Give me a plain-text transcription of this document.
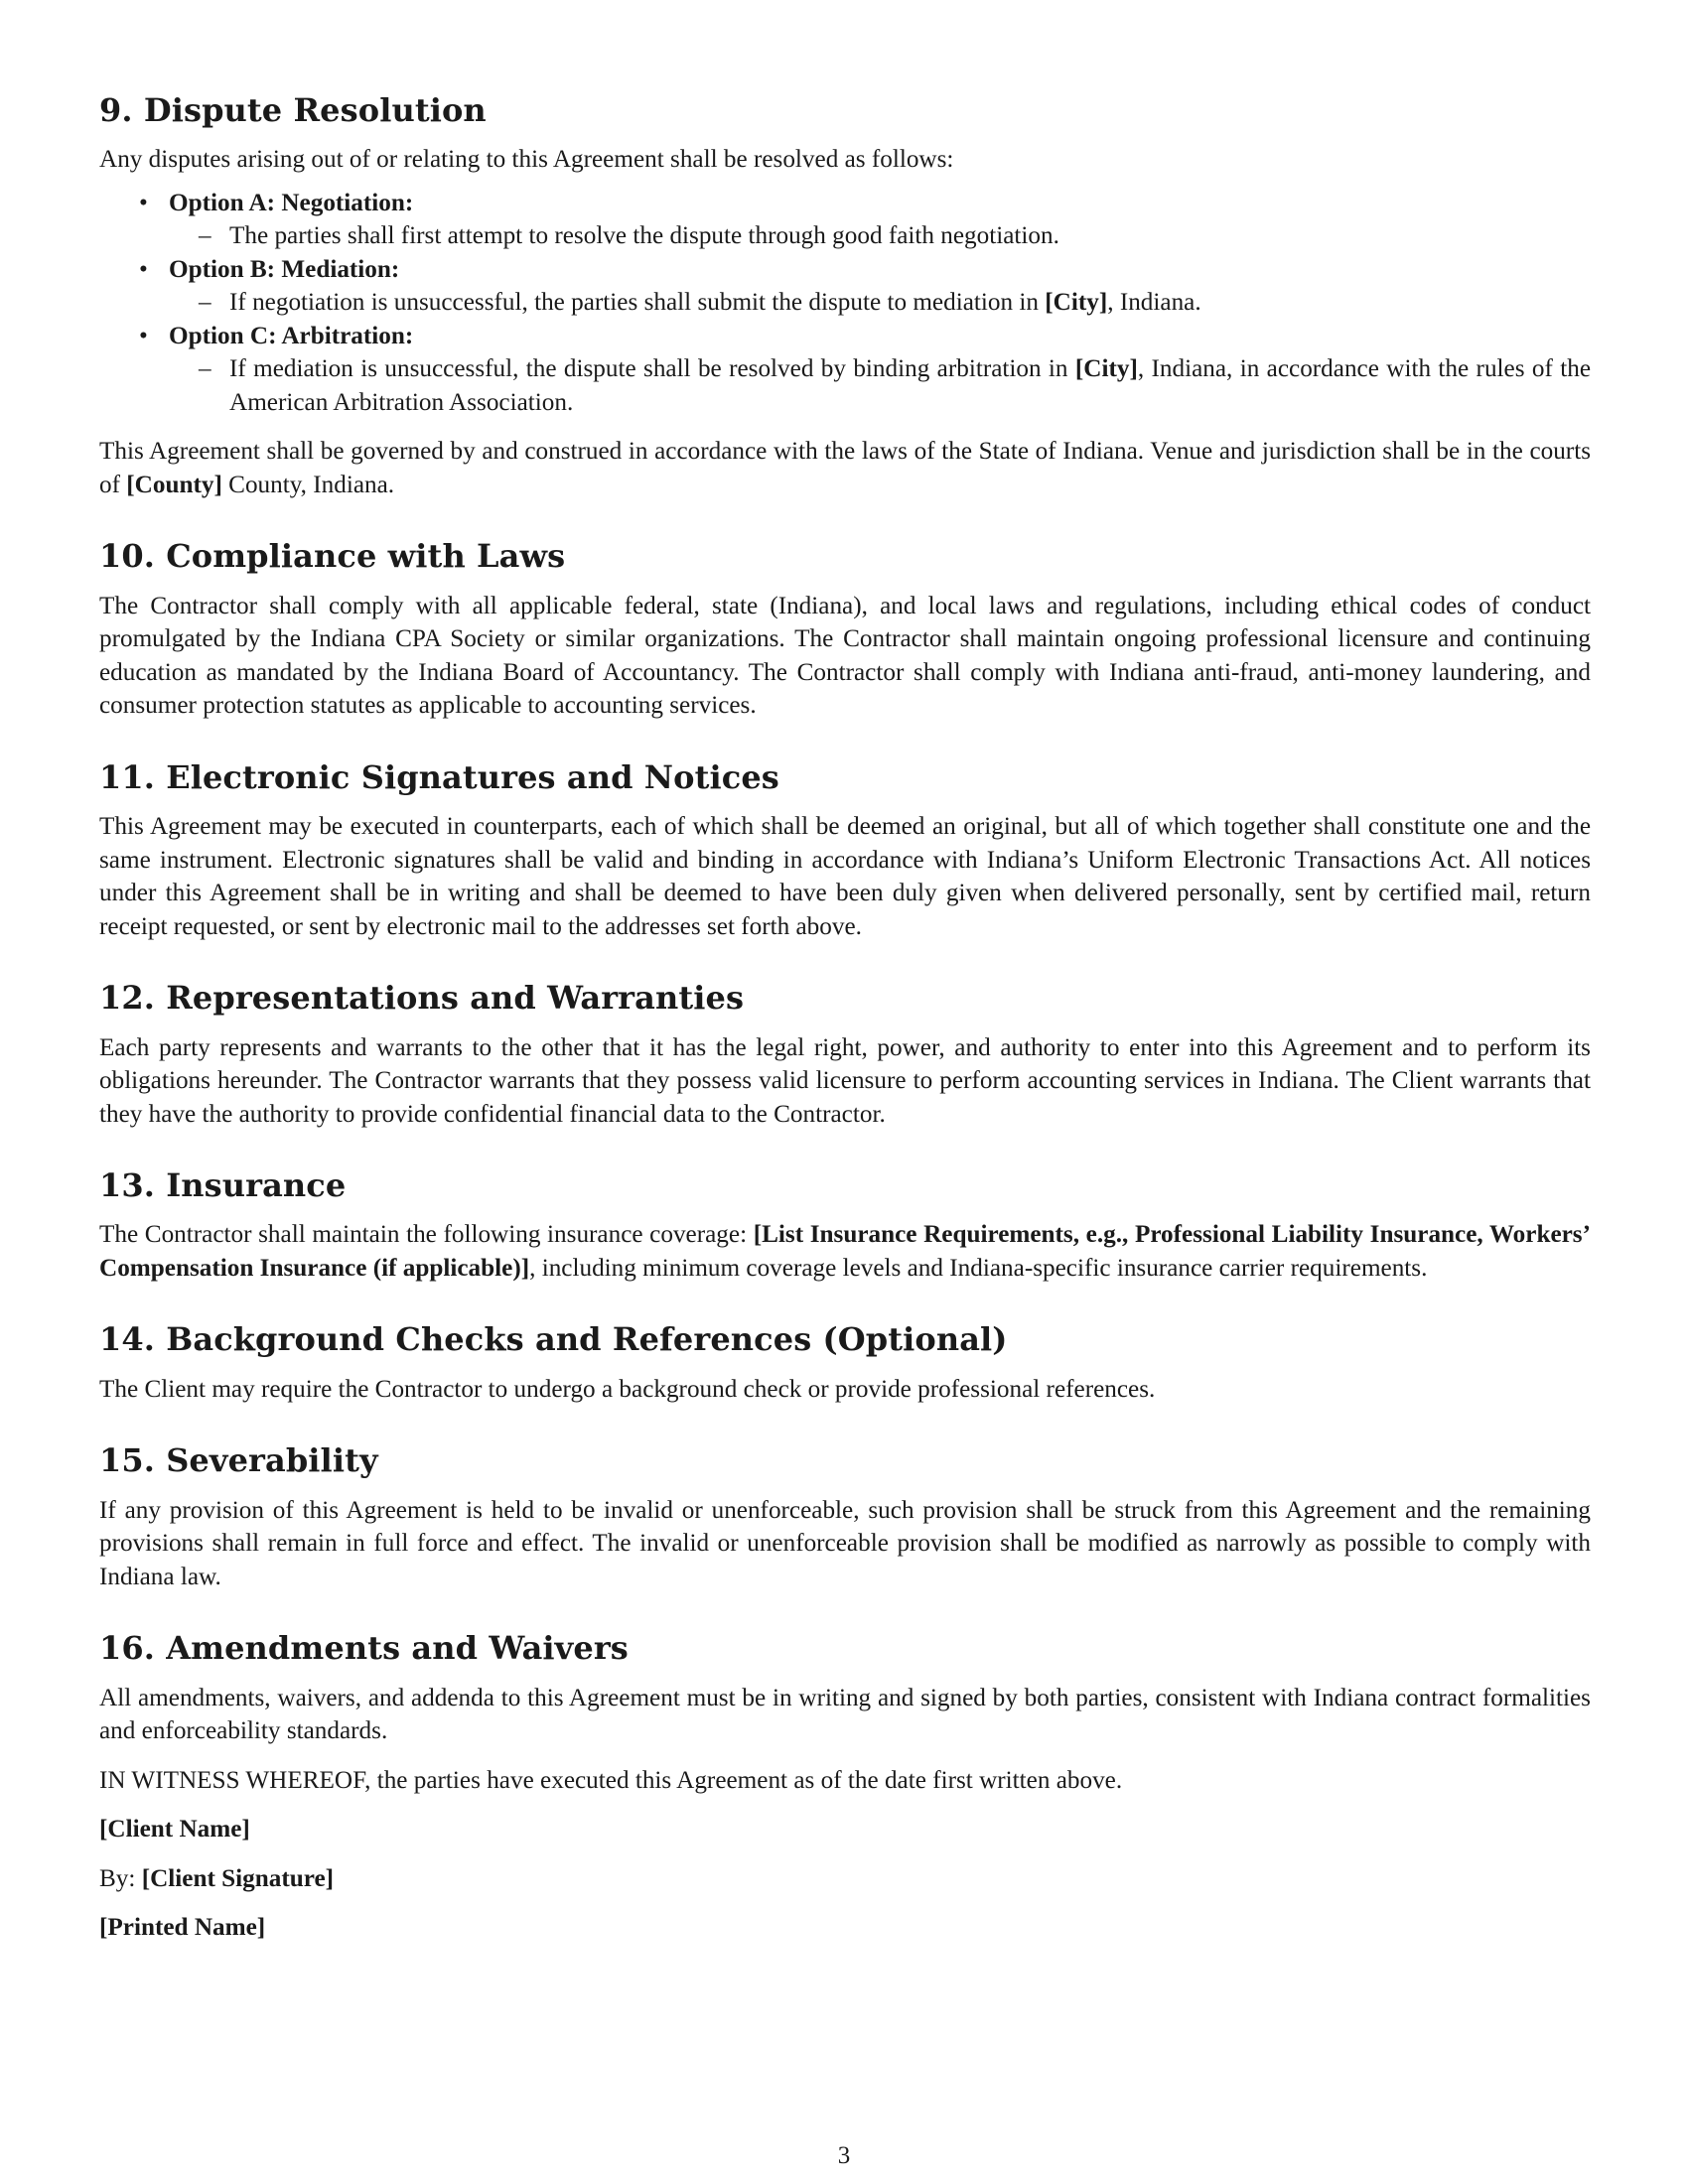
9. Dispute Resolution

Any disputes arising out of or relating to this Agreement shall be resolved as follows:

• Option A: Negotiation:
– The parties shall first attempt to resolve the dispute through good faith negotiation.
• Option B: Mediation:
– If negotiation is unsuccessful, the parties shall submit the dispute to mediation in [City], Indiana.
• Option C: Arbitration:
– If mediation is unsuccessful, the dispute shall be resolved by binding arbitration in [City], Indiana, in accordance with the rules of the American Arbitration Association.

This Agreement shall be governed by and construed in accordance with the laws of the State of Indiana. Venue and jurisdiction shall be in the courts of [County] County, Indiana.

10. Compliance with Laws

The Contractor shall comply with all applicable federal, state (Indiana), and local laws and regulations, including ethical codes of conduct promulgated by the Indiana CPA Society or similar organizations. The Contractor shall maintain ongoing professional licensure and continuing education as mandated by the Indiana Board of Accountancy. The Contractor shall comply with Indiana anti-fraud, anti-money laundering, and consumer protection statutes as applicable to accounting services.

11. Electronic Signatures and Notices

This Agreement may be executed in counterparts, each of which shall be deemed an original, but all of which together shall constitute one and the same instrument. Electronic signatures shall be valid and binding in accordance with Indiana’s Uniform Electronic Transactions Act. All notices under this Agreement shall be in writing and shall be deemed to have been duly given when delivered personally, sent by certified mail, return receipt requested, or sent by electronic mail to the addresses set forth above.

12. Representations and Warranties

Each party represents and warrants to the other that it has the legal right, power, and authority to enter into this Agreement and to perform its obligations hereunder. The Contractor warrants that they possess valid licensure to perform accounting services in Indiana. The Client warrants that they have the authority to provide confidential financial data to the Contractor.

13. Insurance

The Contractor shall maintain the following insurance coverage: [List Insurance Requirements, e.g., Professional Liability Insurance, Workers’ Compensation Insurance (if applicable)], including minimum coverage levels and Indiana-specific insurance carrier requirements.

14. Background Checks and References (Optional)

The Client may require the Contractor to undergo a background check or provide professional references.

15. Severability

If any provision of this Agreement is held to be invalid or unenforceable, such provision shall be struck from this Agreement and the remaining provisions shall remain in full force and effect. The invalid or unenforceable provision shall be modified as narrowly as possible to comply with Indiana law.

16. Amendments and Waivers

All amendments, waivers, and addenda to this Agreement must be in writing and signed by both parties, consistent with Indiana contract formalities and enforceability standards.

IN WITNESS WHEREOF, the parties have executed this Agreement as of the date first written above.

[Client Name]

By: [Client Signature]

[Printed Name]

3
